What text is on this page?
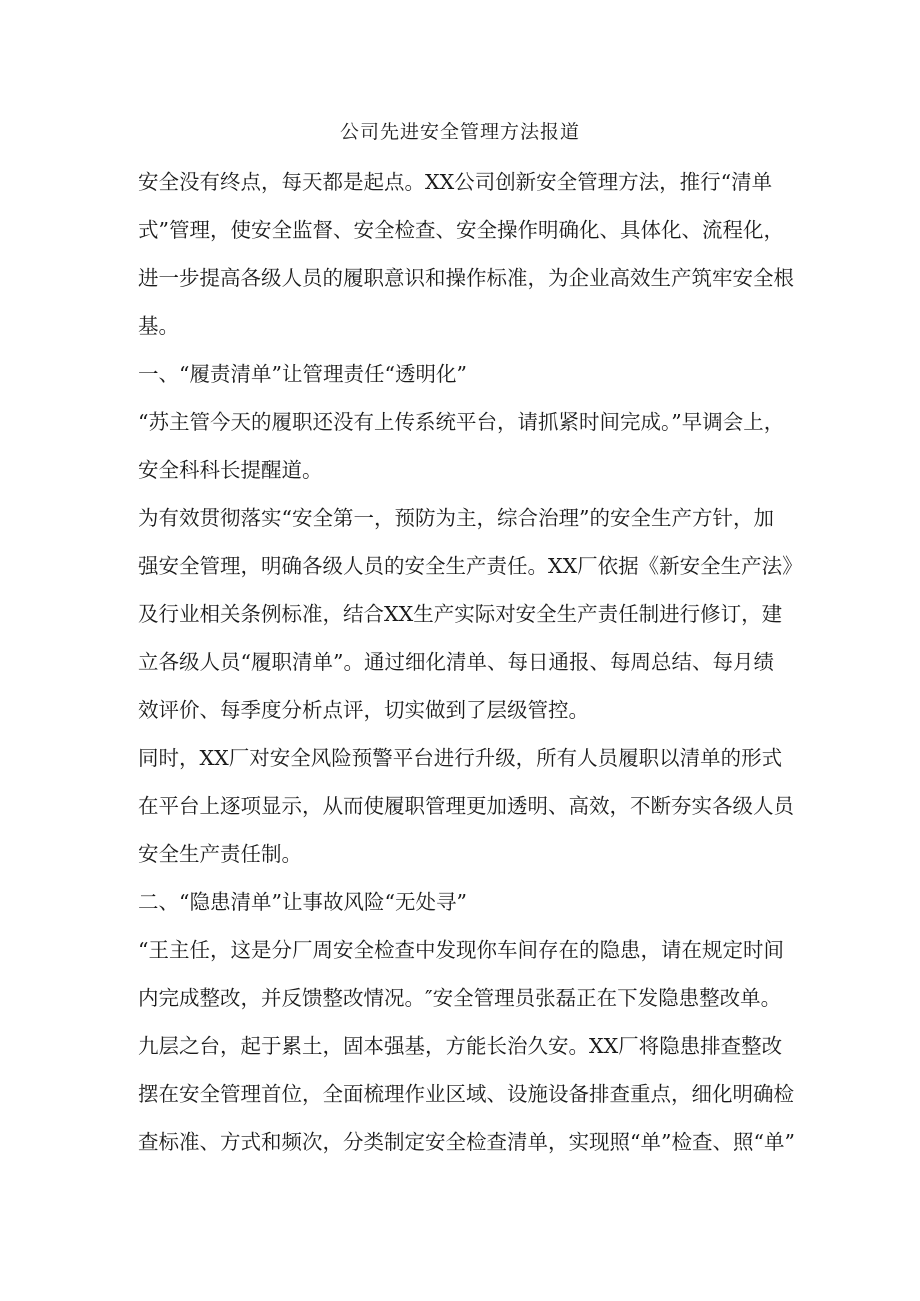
公司先进安全管理方法报道
安全没有终点，每天都是起点。XX公司创新安全管理方法，推行“清单
式”管理，使安全监督、安全检查、安全操作明确化、具体化、流程化，
进一步提高各级人员的履职意识和操作标准，为企业高效生产筑牢安全根
基。
一、“履责清单”让管理责任“透明化”
“苏主管今天的履职还没有上传系统平台，请抓紧时间完成。”早调会上，
安全科科长提醒道。
为有效贯彻落实“安全第一，预防为主，综合治理”的安全生产方针，加
强安全管理，明确各级人员的安全生产责任。XX厂依据《新安全生产法》
及行业相关条例标准，结合XX生产实际对安全生产责任制进行修订，建
立各级人员“履职清单”。通过细化清单、每日通报、每周总结、每月绩
效评价、每季度分析点评，切实做到了层级管控。
同时，XX厂对安全风险预警平台进行升级，所有人员履职以清单的形式
在平台上逐项显示，从而使履职管理更加透明、高效，不断夯实各级人员
安全生产责任制。
二、“隐患清单”让事故风险“无处寻”
“王主任，这是分厂周安全检查中发现你车间存在的隐患，请在规定时间
内完成整改，并反馈整改情况。″安全管理员张磊正在下发隐患整改单。
九层之台，起于累土，固本强基，方能长治久安。XX厂将隐患排查整改
摆在安全管理首位，全面梳理作业区域、设施设备排查重点，细化明确检
查标准、方式和频次，分类制定安全检查清单，实现照“单”检查、照“单”
